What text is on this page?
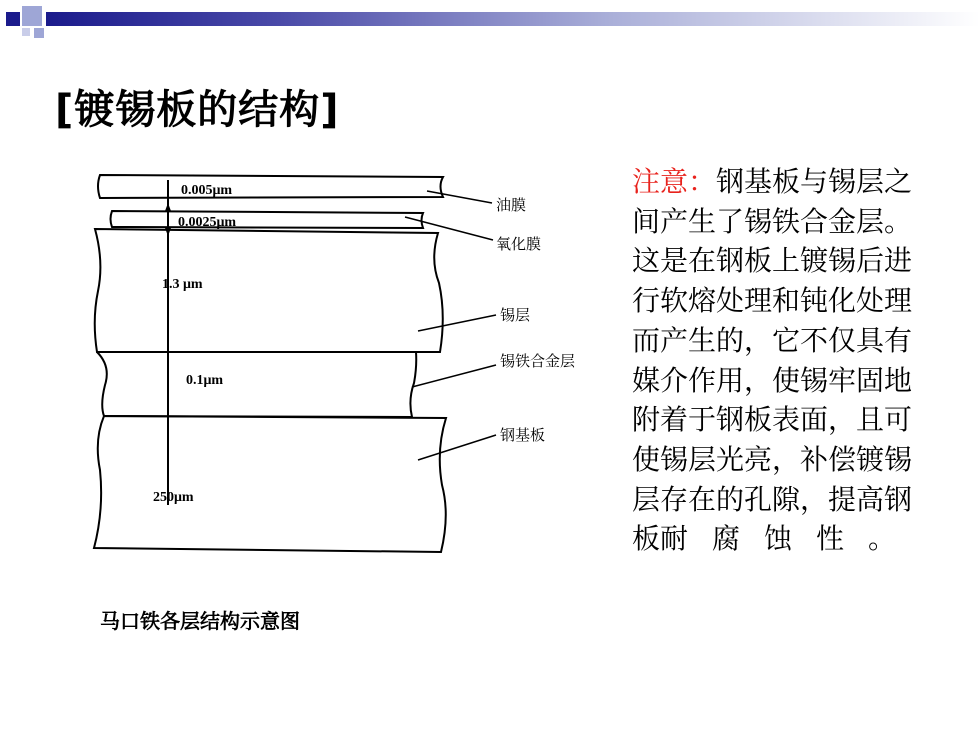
[镀锡板的结构]
0.005μm
0.0025μm
1.3 μm
0.1μm
250μm
油膜
氧化膜
锡层
锡铁合金层
钢基板
马口铁各层结构示意图

注意：钢基板与锡层之间产生了锡铁合金层。这是在钢板上镀锡后进行软熔处理和钝化处理而产生的，它不仅具有媒介作用，使锡牢固地附着于钢板表面，且可使锡层光亮，补偿镀锡层存在的孔隙，提高钢板耐腐蚀性。
